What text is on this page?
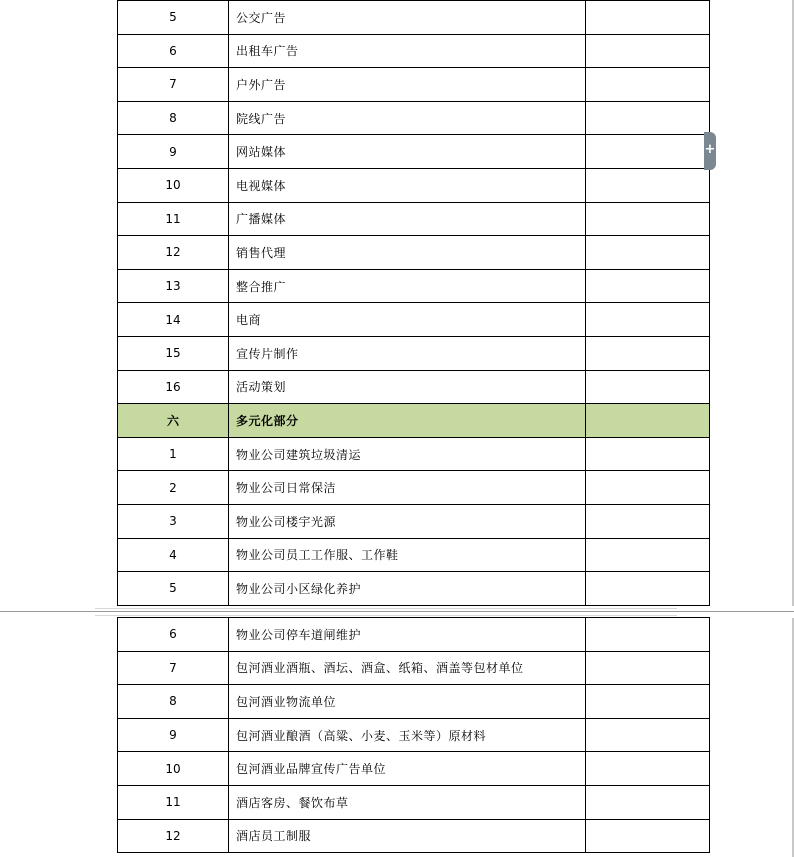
5	公交广告	
6	出租车广告	
7	户外广告	
8	院线广告	
9	网站媒体	
10	电视媒体	
11	广播媒体	
12	销售代理	
13	整合推广	
14	电商	
15	宣传片制作	
16	活动策划	
六	多元化部分	
1	物业公司建筑垃圾清运	
2	物业公司日常保洁	
3	物业公司楼宇光源	
4	物业公司员工工作服、工作鞋	
5	物业公司小区绿化养护	
6	物业公司停车道闸维护	
7	包河酒业酒瓶、酒坛、酒盒、纸箱、酒盖等包材单位	
8	包河酒业物流单位	
9	包河酒业酿酒（高粱、小麦、玉米等）原材料	
10	包河酒业品牌宣传广告单位	
11	酒店客房、餐饮布草	
12	酒店员工制服	
+
